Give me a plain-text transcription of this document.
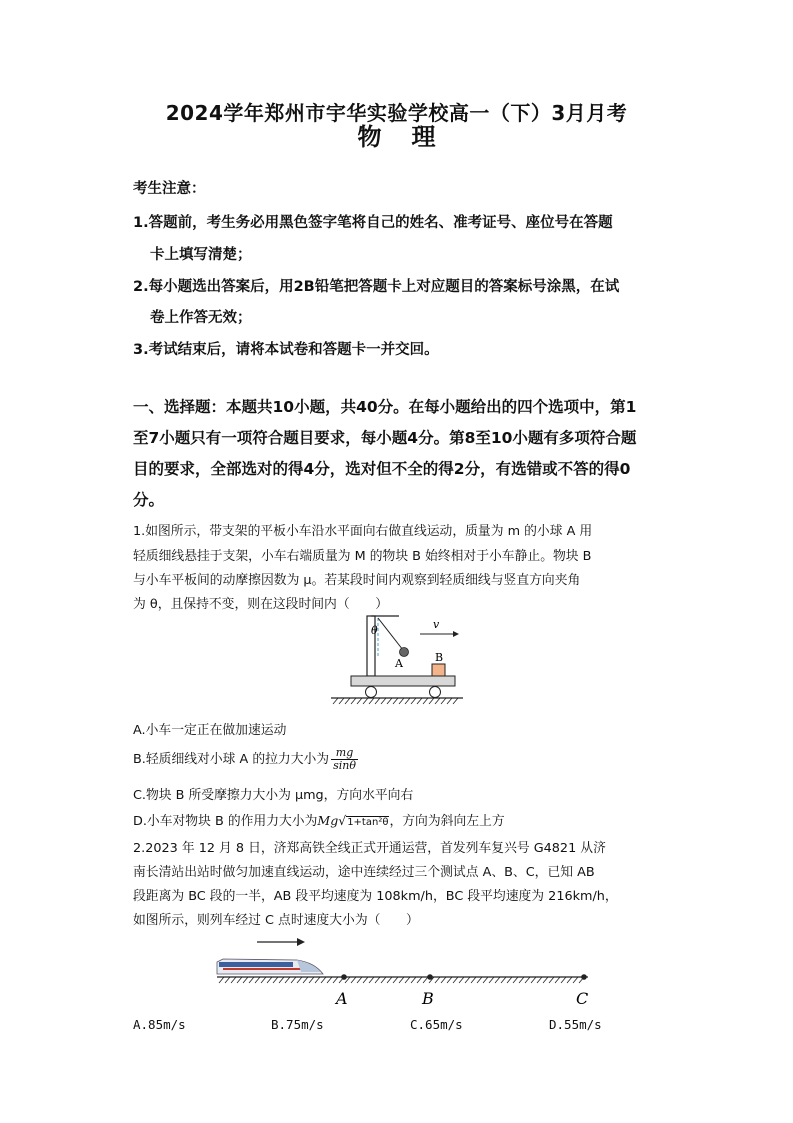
2024学年郑州市宇华实验学校高一（下）3月月考
物理
考生注意：
1.答题前，考生务必用黑色签字笔将自己的姓名、准考证号、座位号在答题
卡上填写清楚；
2.每小题选出答案后，用2B铅笔把答题卡上对应题目的答案标号涂黑，在试
卷上作答无效；
3.考试结束后，请将本试卷和答题卡一并交回。
一、选择题：本题共10小题，共40分。在每小题给出的四个选项中，第1
至7小题只有一项符合题目要求，每小题4分。第8至10小题有多项符合题
目的要求，全部选对的得4分，选对但不全的得2分，有选错或不答的得0
分。
1.如图所示，带支架的平板小车沿水平面向右做直线运动，质量为 m 的小球 A 用
轻质细线悬挂于支架，小车右端质量为 M 的物块 B 始终相对于小车静止。物块 B
与小车平板间的动摩擦因数为 μ。若某段时间内观察到轻质细线与竖直方向夹角
为 θ，且保持不变，则在这段时间内（　　）
θ
A
v
B
A.小车一定正在做加速运动
B.轻质细线对小球 A 的拉力大小为 $\frac{mg}{\sin\theta}$
C.物块 B 所受摩擦力大小为 μmg，方向水平向右
D.小车对物块 B 的作用力大小为Mg√1+tan²θ，方向为斜向左上方
2.2023 年 12 月 8 日，济郑高铁全线正式开通运营，首发列车复兴号 G4821 从济
南长清站出站时做匀加速直线运动，途中连续经过三个测试点 A、B、C，已知 AB
段距离为 BC 段的一半，AB 段平均速度为 108km/h，BC 段平均速度为 216km/h，
如图所示，则列车经过 C 点时速度大小为（　　）
A	B	C
A.85m/s	B.75m/s	C.65m/s	D.55m/s
